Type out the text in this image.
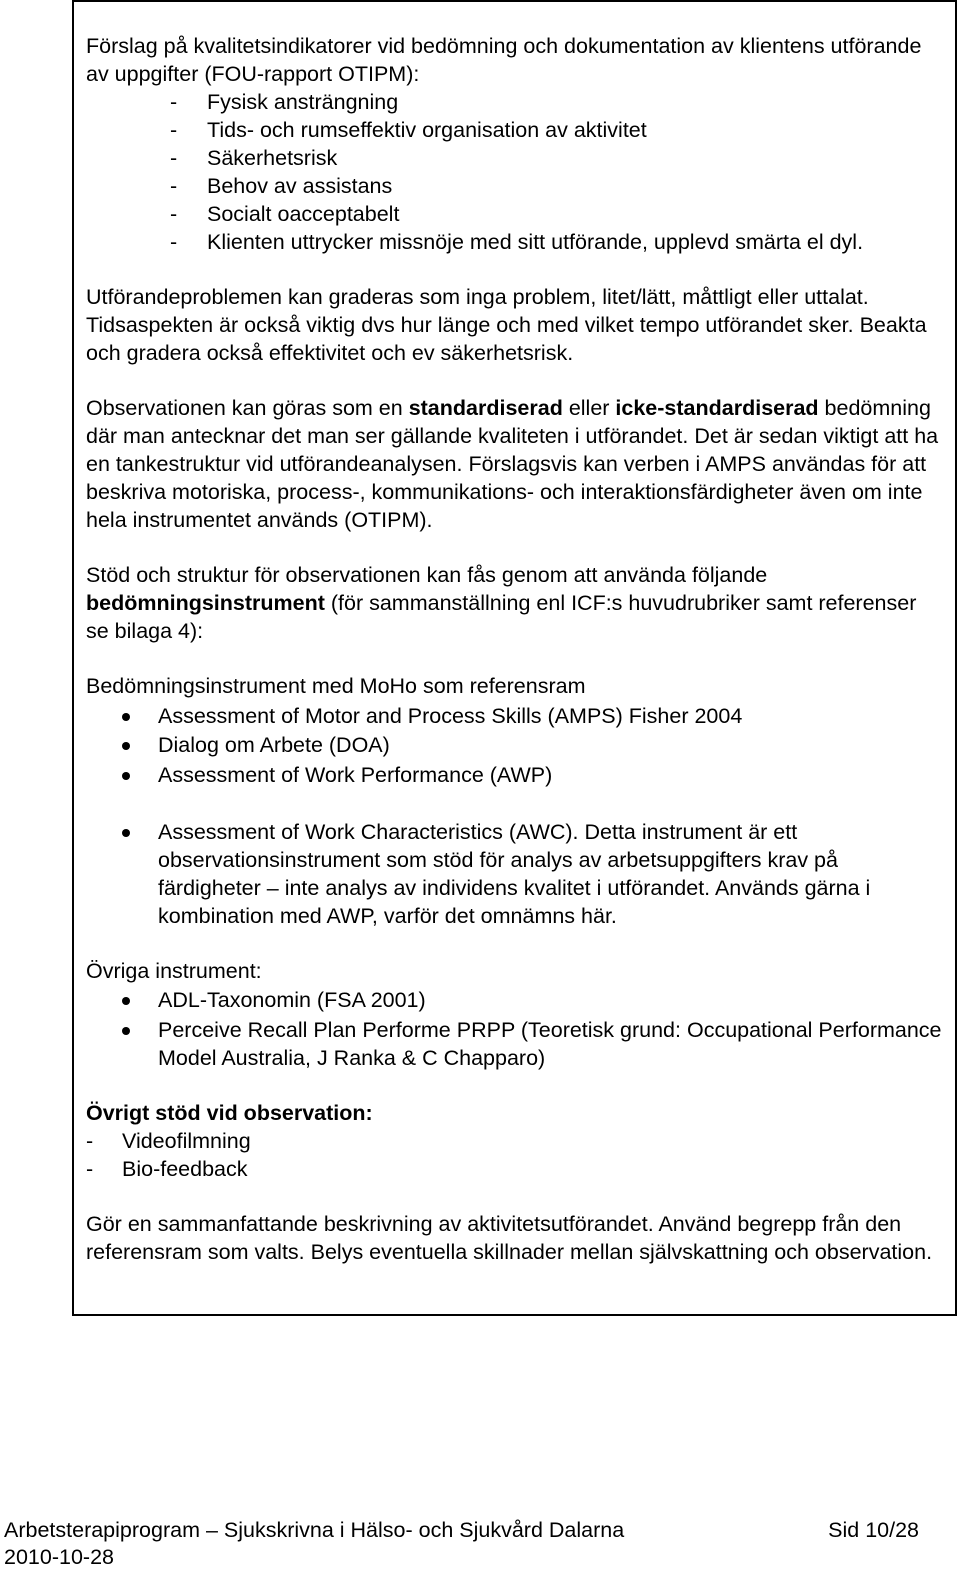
Förslag på kvalitetsindikatorer vid bedömning och dokumentation av klientens utförande av uppgifter (FOU-rapport OTIPM):

- Fysisk ansträngning
- Tids- och rumseffektiv organisation av aktivitet
- Säkerhetsrisk
- Behov av assistans
- Socialt oacceptabelt
- Klienten uttrycker missnöje med sitt utförande, upplevd smärta el dyl.

Utförandeproblemen kan graderas som inga problem, litet/lätt, måttligt eller uttalat. Tidsaspekten är också viktig dvs hur länge och med vilket tempo utförandet sker. Beakta och gradera också effektivitet och ev säkerhetsrisk.

Observationen kan göras som en standardiserad eller icke-standardiserad bedömning där man antecknar det man ser gällande kvaliteten i utförandet. Det är sedan viktigt att ha en tankestruktur vid utförandeanalysen. Förslagsvis kan verben i AMPS användas för att beskriva motoriska, process-, kommunikations- och interaktionsfärdigheter även om inte hela instrumentet används (OTIPM).

Stöd och struktur för observationen kan fås genom att använda följande bedömningsinstrument (för sammanställning enl ICF:s huvudrubriker samt referenser se bilaga 4):

Bedömningsinstrument med MoHo som referensram

Assessment of Motor and Process Skills (AMPS) Fisher 2004
Dialog om Arbete (DOA)
Assessment of Work Performance (AWP)
Assessment of Work Characteristics (AWC). Detta instrument är ett observationsinstrument som stöd för analys av arbetsuppgifters krav på färdigheter – inte analys av individens kvalitet i utförandet. Används gärna i kombination med AWP, varför det omnämns här.

Övriga instrument:

ADL-Taxonomin (FSA 2001)
Perceive Recall Plan Performe PRPP (Teoretisk grund: Occupational Performance Model Australia, J Ranka & C Chapparo)

Övrigt stöd vid observation:

- Videofilmning
- Bio-feedback

Gör en sammanfattande beskrivning av aktivitetsutförandet. Använd begrepp från den referensram som valts. Belys eventuella skillnader mellan självskattning och observation.

Arbetsterapiprogram – Sjukskrivna i Hälso- och Sjukvård Dalarna	Sid 10/28
2010-10-28
